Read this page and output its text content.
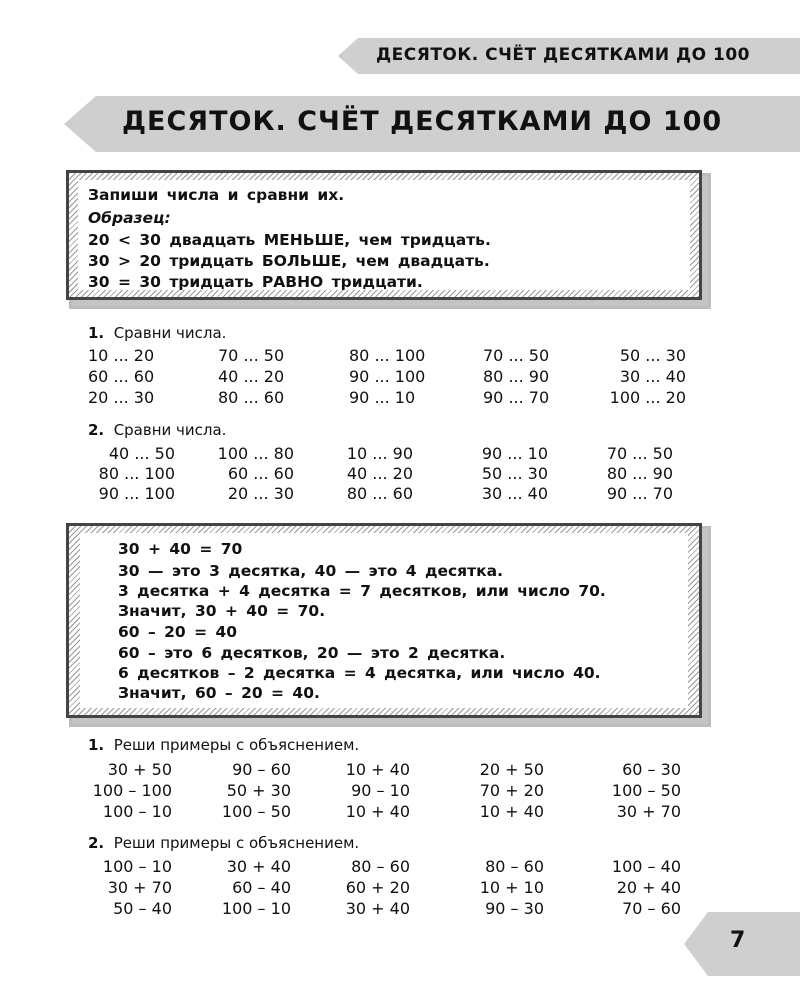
ДЕСЯТОК. СЧЁТ ДЕСЯТКАМИ ДО 100
ДЕСЯТОК. СЧЁТ ДЕСЯТКАМИ ДО 100
Запиши числа и сравни их.
Образец:
20 < 30 двадцать МЕНЬШЕ, чем тридцать.
30 > 20 тридцать БОЛЬШЕ, чем двадцать.
30 = 30 тридцать РАВНО тридцати.
1. Сравни числа.
10 ... 20	70 ... 50	80 ... 100	70 ... 50	50 ... 30
60 ... 60	40 ... 20	90 ... 100	80 ... 90	30 ... 40
20 ... 30	80 ... 60	90 ... 10	90 ... 70	100 ... 20
2. Сравни числа.
40 ... 50	100 ... 80	10 ... 90	90 ... 10	70 ... 50
80 ... 100	60 ... 60	40 ... 20	50 ... 30	80 ... 90
90 ... 100	20 ... 30	80 ... 60	30 ... 40	90 ... 70
30 + 40 = 70
30 — это 3 десятка, 40 — это 4 десятка.
3 десятка + 4 десятка = 7 десятков, или число 70.
Значит, 30 + 40 = 70.
60 – 20 = 40
60 – это 6 десятков, 20 — это 2 десятка.
6 десятков – 2 десятка = 4 десятка, или число 40.
Значит, 60 – 20 = 40.
1. Реши примеры с объяснением.
30 + 50	90 – 60	10 + 40	20 + 50	60 – 30
100 – 100	50 + 30	90 – 10	70 + 20	100 – 50
100 – 10	100 – 50	10 + 40	10 + 40	30 + 70
2. Реши примеры с объяснением.
100 – 10	30 + 40	80 – 60	80 – 60	100 – 40
30 + 70	60 – 40	60 + 20	10 + 10	20 + 40
50 – 40	100 – 10	30 + 40	90 – 30	70 – 60
7
